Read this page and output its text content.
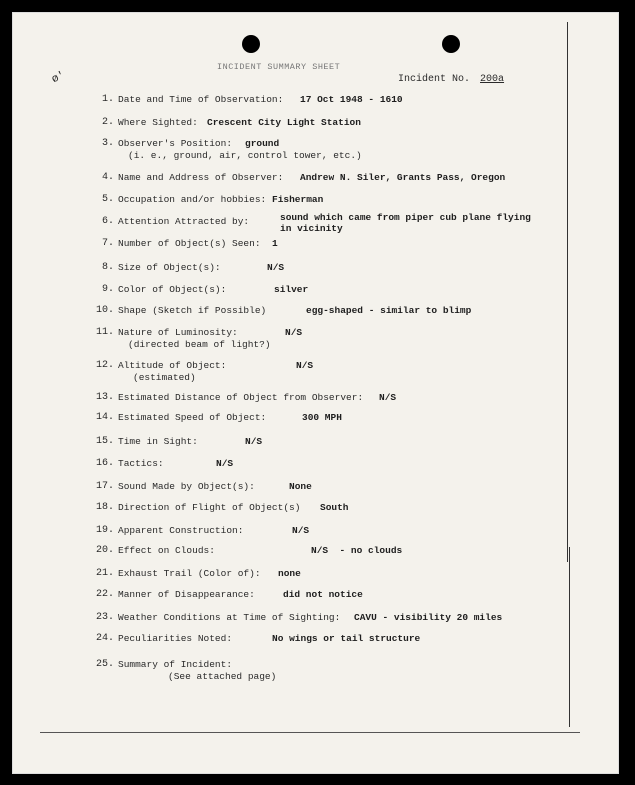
ø'
INCIDENT SUMMARY SHEET
Incident No. 200a
1. Date and Time of Observation: 17 Oct 1948 - 1610
2. Where Sighted: Crescent City Light Station
3. Observer's Position: ground
(i. e., ground, air, control tower, etc.)
4. Name and Address of Observer: Andrew N. Siler, Grants Pass, Oregon
5. Occupation and/or hobbies: Fisherman
6. Attention Attracted by:	sound which came from piper cub plane flying
in vicinity
7. Number of Object(s) Seen: 1
8. Size of Object(s):	N/S
9. Color of Object(s):	silver
10. Shape (Sketch if Possible)	egg-shaped - similar to blimp
11. Nature of Luminosity:	N/S
(directed beam of light?)
12. Altitude of Object:	N/S
(estimated)
13. Estimated Distance of Object from Observer: N/S
14. Estimated Speed of Object:	300 MPH
15. Time in Sight:	N/S
16. Tactics:	N/S
17. Sound Made by Object(s):	None
18. Direction of Flight of Object(s) South
19. Apparent Construction:	N/S
20. Effect on Clouds:	N/S  - no clouds
21. Exhaust Trail (Color of): none
22. Manner of Disappearance:	did not notice
23. Weather Conditions at Time of Sighting: CAVU - visibility 20 miles
24. Peculiarities Noted:	No wings or tail structure
25. Summary of Incident:
(See attached page)
